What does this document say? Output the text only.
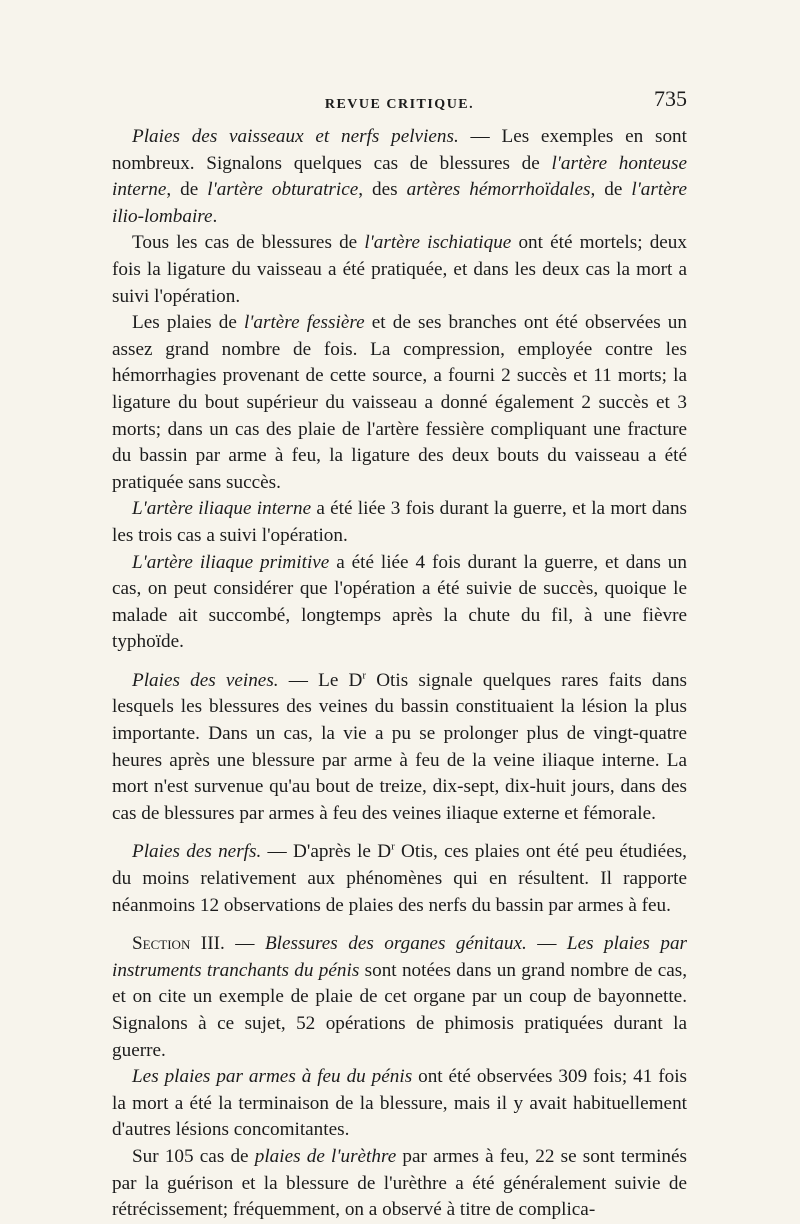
REVUE CRITIQUE.	735

Plaies des vaisseaux et nerfs pelviens. — Les exemples en sont nombreux. Signalons quelques cas de blessures de l'artère honteuse interne, de l'artère obturatrice, des artères hémorrhoïdales, de l'artère ilio-lombaire.

Tous les cas de blessures de l'artère ischiatique ont été mortels; deux fois la ligature du vaisseau a été pratiquée, et dans les deux cas la mort a suivi l'opération.

Les plaies de l'artère fessière et de ses branches ont été observées un assez grand nombre de fois. La compression, employée contre les hémorrhagies provenant de cette source, a fourni 2 succès et 11 morts; la ligature du bout supérieur du vaisseau a donné également 2 succès et 3 morts; dans un cas des plaie de l'artère fessière compliquant une fracture du bassin par arme à feu, la ligature des deux bouts du vaisseau a été pratiquée sans succès.

L'artère iliaque interne a été liée 3 fois durant la guerre, et la mort dans les trois cas a suivi l'opération.

L'artère iliaque primitive a été liée 4 fois durant la guerre, et dans un cas, on peut considérer que l'opération a été suivie de succès, quoique le malade ait succombé, longtemps après la chute du fil, à une fièvre typhoïde.

Plaies des veines. — Le $D^r$ Otis signale quelques rares faits dans lesquels les blessures des veines du bassin constituaient la lésion la plus importante. Dans un cas, la vie a pu se prolonger plus de vingt-quatre heures après une blessure par arme à feu de la veine iliaque interne. La mort n'est survenue qu'au bout de treize, dix-sept, dix-huit jours, dans des cas de blessures par armes à feu des veines iliaque externe et fémorale.

Plaies des nerfs. — D'après le $D^r$ Otis, ces plaies ont été peu étudiées, du moins relativement aux phénomènes qui en résultent. Il rapporte néanmoins 12 observations de plaies des nerfs du bassin par armes à feu.

Section III. — Blessures des organes génitaux. — Les plaies par instruments tranchants du pénis sont notées dans un grand nombre de cas, et on cite un exemple de plaie de cet organe par un coup de bayonnette. Signalons à ce sujet, 52 opérations de phimosis pratiquées durant la guerre.

Les plaies par armes à feu du pénis ont été observées 309 fois; 41 fois la mort a été la terminaison de la blessure, mais il y avait habituellement d'autres lésions concomitantes.

Sur 105 cas de plaies de l'urèthre par armes à feu, 22 se sont terminés par la guérison et la blessure de l'urèthre a été généralement suivie de rétrécissement; fréquemment, on a observé à titre de complica-
